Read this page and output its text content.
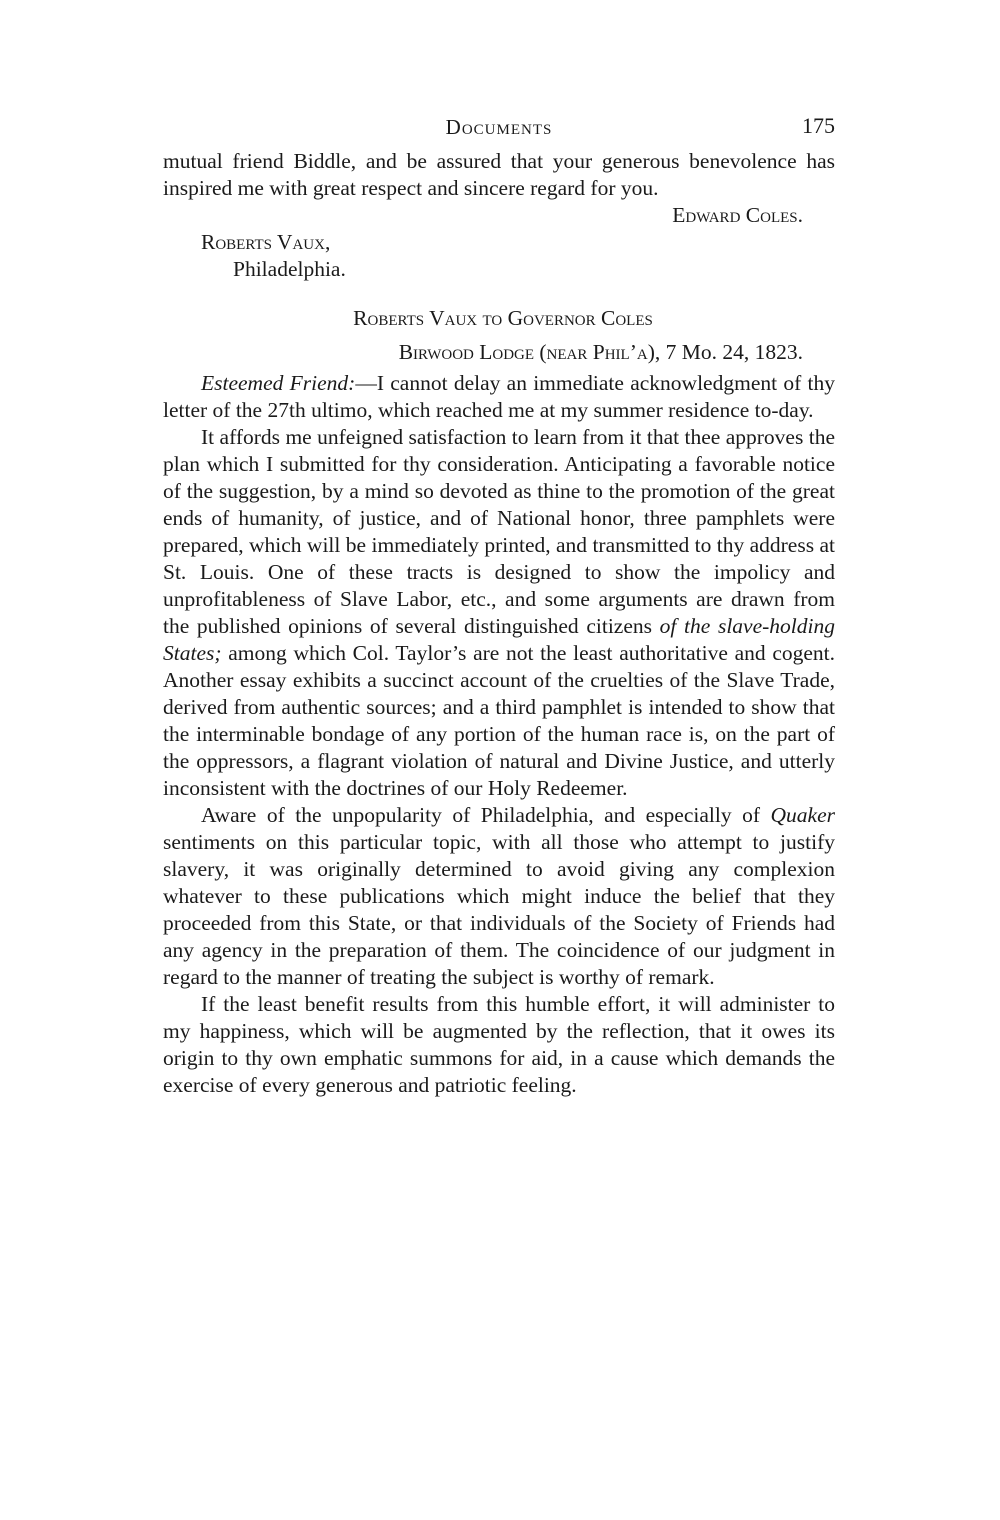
Documents	175

mutual friend Biddle, and be assured that your generous benevolence has inspired me with great respect and sincere regard for you.

Edward Coles.

Roberts Vaux,

Philadelphia.

Roberts Vaux to Governor Coles

Birwood Lodge (near Phil’a), 7 Mo. 24, 1823.

Esteemed Friend:—I cannot delay an immediate acknowledgment of thy letter of the 27th ultimo, which reached me at my summer residence to-day.

It affords me unfeigned satisfaction to learn from it that thee approves the plan which I submitted for thy consideration. Anticipating a favorable notice of the suggestion, by a mind so devoted as thine to the promotion of the great ends of humanity, of justice, and of National honor, three pamphlets were prepared, which will be immediately printed, and transmitted to thy address at St. Louis. One of these tracts is designed to show the impolicy and unprofitableness of Slave Labor, etc., and some arguments are drawn from the published opinions of several distinguished citizens of the slave-holding States; among which Col. Taylor’s are not the least authoritative and cogent. Another essay exhibits a succinct account of the cruelties of the Slave Trade, derived from authentic sources; and a third pamphlet is intended to show that the interminable bondage of any portion of the human race is, on the part of the oppressors, a flagrant violation of natural and Divine Justice, and utterly inconsistent with the doctrines of our Holy Redeemer.

Aware of the unpopularity of Philadelphia, and especially of Quaker sentiments on this particular topic, with all those who attempt to justify slavery, it was originally determined to avoid giving any complexion whatever to these publications which might induce the belief that they proceeded from this State, or that individuals of the Society of Friends had any agency in the preparation of them. The coincidence of our judgment in regard to the manner of treating the subject is worthy of remark.

If the least benefit results from this humble effort, it will administer to my happiness, which will be augmented by the reflection, that it owes its origin to thy own emphatic summons for aid, in a cause which demands the exercise of every generous and patriotic feeling.
